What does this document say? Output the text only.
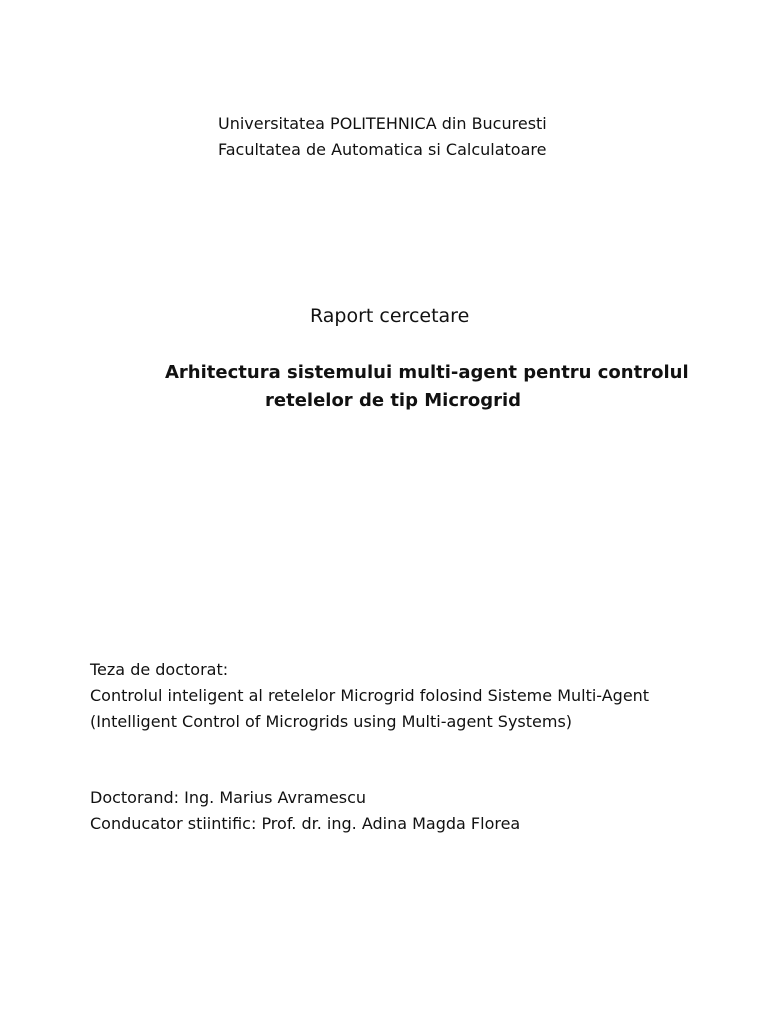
Universitatea POLITEHNICA din Bucuresti
Facultatea de Automatica si Calculatoare
Raport cercetare
Arhitectura sistemului multi-agent pentru controlul
retelelor de tip Microgrid
Teza de doctorat:
Controlul inteligent al retelelor Microgrid folosind Sisteme Multi-Agent
(Intelligent Control of Microgrids using Multi-agent Systems)
Doctorand: Ing. Marius Avramescu
Conducator stiintific: Prof. dr. ing. Adina Magda Florea
